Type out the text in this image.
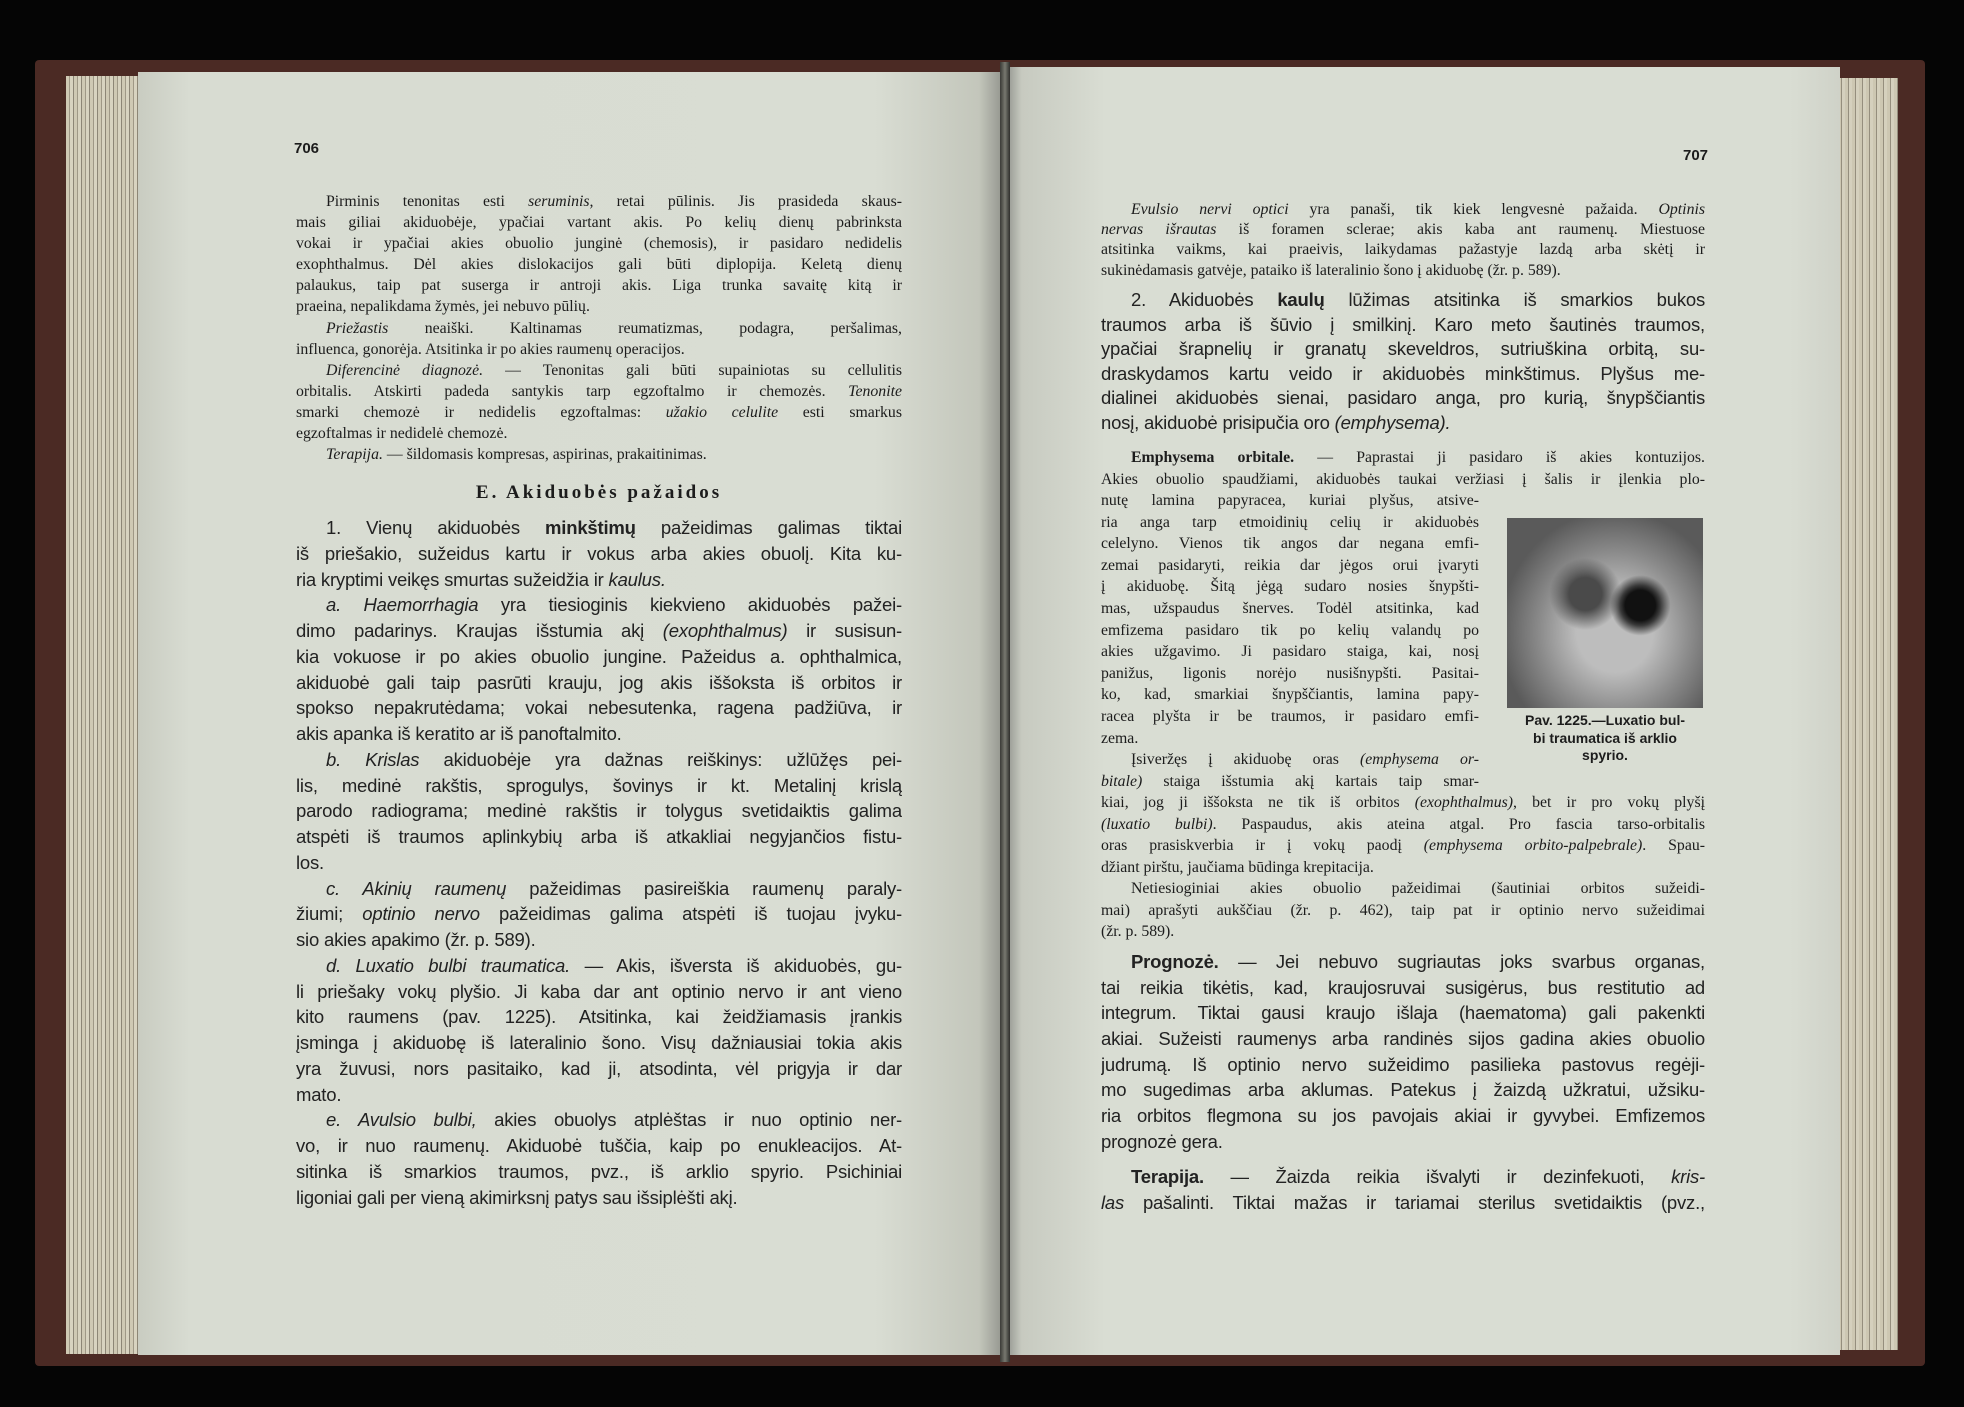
706	707
Pirminis tenonitas esti seruminis, retai pūlinis. Jis prasideda skaus-
mais giliai akiduobėje, ypačiai vartant akis. Po kelių dienų pabrinksta
vokai ir ypačiai akies obuolio junginė (chemosis), ir pasidaro nedidelis
exophthalmus. Dėl akies dislokacijos gali būti diplopija. Keletą dienų
palaukus, taip pat suserga ir antroji akis. Liga trunka savaitę kitą ir
praeina, nepalikdama žymės, jei nebuvo pūlių.
Priežastis neaiški. Kaltinamas reumatizmas, podagra, peršalimas,
influenca, gonorėja. Atsitinka ir po akies raumenų operacijos.
Diferencinė diagnozė. — Tenonitas gali būti supainiotas su cellulitis
orbitalis. Atskirti padeda santykis tarp egzoftalmo ir chemozės. Tenonite
smarki chemozė ir nedidelis egzoftalmas: užakio celulite esti smarkus
egzoftalmas ir nedidelė chemozė.
Terapija. — šildomasis kompresas, aspirinas, prakaitinimas.
E. Akiduobės pažaidos
1. Vienų akiduobės minkštimų pažeidimas galimas tiktai
iš priešakio, sužeidus kartu ir vokus arba akies obuolį. Kita ku-
ria kryptimi veikęs smurtas sužeidžia ir kaulus.
a. Haemorrhagia yra tiesioginis kiekvieno akiduobės pažei-
dimo padarinys. Kraujas išstumia akį (exophthalmus) ir susisun-
kia vokuose ir po akies obuolio jungine. Pažeidus a. ophthalmica,
akiduobė gali taip pasrūti krauju, jog akis iššoksta iš orbitos ir
spokso nepakrutėdama; vokai nebesutenka, ragena padžiūva, ir
akis apanka iš keratito ar iš panoftalmito.
b. Krislas akiduobėje yra dažnas reiškinys: užlūžęs pei-
lis, medinė rakštis, sprogulys, šovinys ir kt. Metalinį krislą
parodo radiograma; medinė rakštis ir tolygus svetidaiktis galima
atspėti iš traumos aplinkybių arba iš atkakliai negyjančios fistu-
los.
c. Akinių raumenų pažeidimas pasireiškia raumenų paraly-
žiumi; optinio nervo pažeidimas galima atspėti iš tuojau įvyku-
sio akies apakimo (žr. p. 589).
d. Luxatio bulbi traumatica. — Akis, išversta iš akiduobės, gu-
li priešaky vokų plyšio. Ji kaba dar ant optinio nervo ir ant vieno
kito raumens (pav. 1225). Atsitinka, kai žeidžiamasis įrankis
įsminga į akiduobę iš lateralinio šono. Visų dažniausiai tokia akis
yra žuvusi, nors pasitaiko, kad ji, atsodinta, vėl prigyja ir dar
mato.
e. Avulsio bulbi, akies obuolys atplėštas ir nuo optinio ner-
vo, ir nuo raumenų. Akiduobė tuščia, kaip po enukleacijos. At-
sitinka iš smarkios traumos, pvz., iš arklio spyrio. Psichiniai
ligoniai gali per vieną akimirksnį patys sau išsiplėšti akį.
Evulsio nervi optici yra panaši, tik kiek lengvesnė pažaida. Optinis
nervas išrautas iš foramen sclerae; akis kaba ant raumenų. Miestuose
atsitinka vaikms, kai praeivis, laikydamas pažastyje lazdą arba skėtį ir
sukinėdamasis gatvėje, pataiko iš lateralinio šono į akiduobę (žr. p. 589).
2. Akiduobės kaulų lūžimas atsitinka iš smarkios bukos
traumos arba iš šūvio į smilkinį. Karo meto šautinės traumos,
ypačiai šrapnelių ir granatų skeveldros, sutriuškina orbitą, su-
draskydamos kartu veido ir akiduobės minkštimus. Plyšus me-
dialinei akiduobės sienai, pasidaro anga, pro kurią, šnypščiantis
nosį, akiduobė prisipučia oro (emphysema).
Emphysema orbitale. — Paprastai ji pasidaro iš akies kontuzijos.
Akies obuolio spaudžiami, akiduobės taukai veržiasi į šalis ir įlenkia plo-
nutę lamina papyracea, kuriai plyšus, atsive-
ria anga tarp etmoidinių celių ir akiduobės
celelyno. Vienos tik angos dar negana emfi-
zemai pasidaryti, reikia dar jėgos orui įvaryti
į akiduobę. Šitą jėgą sudaro nosies šnypšti-
mas, užspaudus šnerves. Todėl atsitinka, kad
emfizema pasidaro tik po kelių valandų po
akies užgavimo. Ji pasidaro staiga, kai, nosį
panižus, ligonis norėjo nusišnypšti. Pasitai-
ko, kad, smarkiai šnypščiantis, lamina papy-
racea plyšta ir be traumos, ir pasidaro emfi-
zema.
Įsiveržęs į akiduobę oras (emphysema or-
bitale) staiga išstumia akį kartais taip smar-
kiai, jog ji iššoksta ne tik iš orbitos (exophthalmus), bet ir pro vokų plyšį
(luxatio bulbi). Paspaudus, akis ateina atgal. Pro fascia tarso-orbitalis
oras prasiskverbia ir į vokų paodį (emphysema orbito-palpebrale). Spau-
džiant pirštu, jaučiama būdinga krepitacija.
Netiesioginiai akies obuolio pažeidimai (šautiniai orbitos sužeidi-
mai) aprašyti aukščiau (žr. p. 462), taip pat ir optinio nervo sužeidimai
(žr. p. 589).
Prognozė. — Jei nebuvo sugriautas joks svarbus organas,
tai reikia tikėtis, kad, kraujosruvai susigėrus, bus restitutio ad
integrum. Tiktai gausi kraujo išlaja (haematoma) gali pakenkti
akiai. Sužeisti raumenys arba randinės sijos gadina akies obuolio
judrumą. Iš optinio nervo sužeidimo pasilieka pastovus regėji-
mo sugedimas arba aklumas. Patekus į žaizdą užkratui, užsiku-
ria orbitos flegmona su jos pavojais akiai ir gyvybei. Emfizemos
prognozė gera.
Terapija. — Žaizda reikia išvalyti ir dezinfekuoti, kris-
las pašalinti. Tiktai mažas ir tariamai sterilus svetidaiktis (pvz.,
Pav. 1225.—Luxatio bul-
bi traumatica iš arklio
spyrio.
